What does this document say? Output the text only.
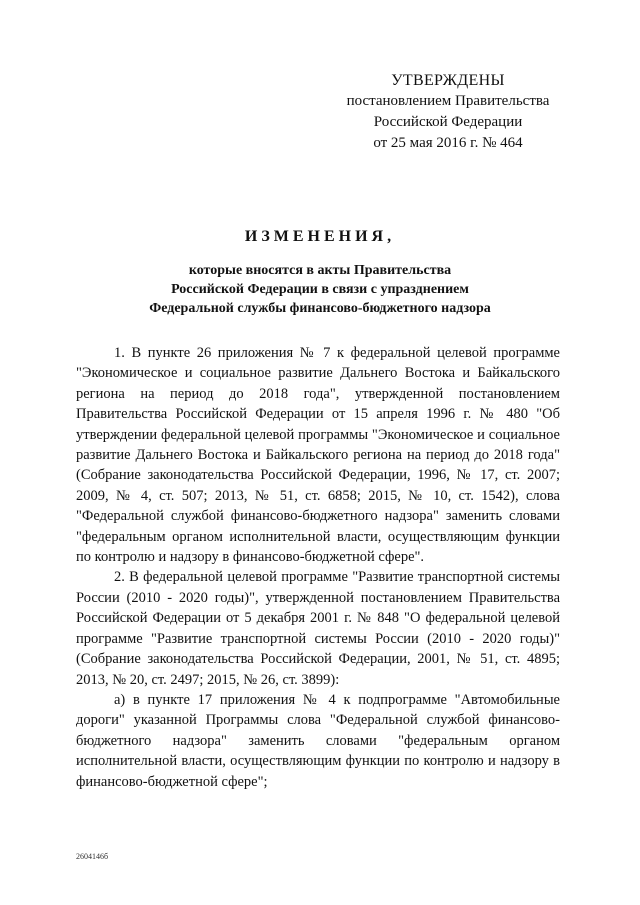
УТВЕРЖДЕНЫ
постановлением Правительства
Российской Федерации
от 25 мая 2016 г. № 464
ИЗМЕНЕНИЯ,
которые вносятся в акты Правительства
Российской Федерации в связи с упразднением
Федеральной службы финансово-бюджетного надзора

1. В пункте 26 приложения № 7 к федеральной целевой программе "Экономическое и социальное развитие Дальнего Востока и Байкальского региона на период до 2018 года", утвержденной постановлением Правительства Российской Федерации от 15 апреля 1996 г. № 480 "Об утверждении федеральной целевой программы "Экономическое и социальное развитие Дальнего Востока и Байкальского региона на период до 2018 года" (Собрание законодательства Российской Федерации, 1996, № 17, ст. 2007; 2009, № 4, ст. 507; 2013, № 51, ст. 6858; 2015, № 10, ст. 1542), слова "Федеральной службой финансово-бюджетного надзора" заменить словами "федеральным органом исполнительной власти, осуществляющим функции по контролю и надзору в финансово-бюджетной сфере".

2. В федеральной целевой программе "Развитие транспортной системы России (2010 - 2020 годы)", утвержденной постановлением Правительства Российской Федерации от 5 декабря 2001 г. № 848 "О федеральной целевой программе "Развитие транспортной системы России (2010 - 2020 годы)" (Собрание законодательства Российской Федерации, 2001, № 51, ст. 4895; 2013, № 20, ст. 2497; 2015, № 26, ст. 3899):

а) в пункте 17 приложения № 4 к подпрограмме "Автомобильные дороги" указанной Программы слова "Федеральной службой финансово-бюджетного надзора" заменить словами "федеральным органом исполнительной власти, осуществляющим функции по контролю и надзору в финансово-бюджетной сфере";

2604146б
